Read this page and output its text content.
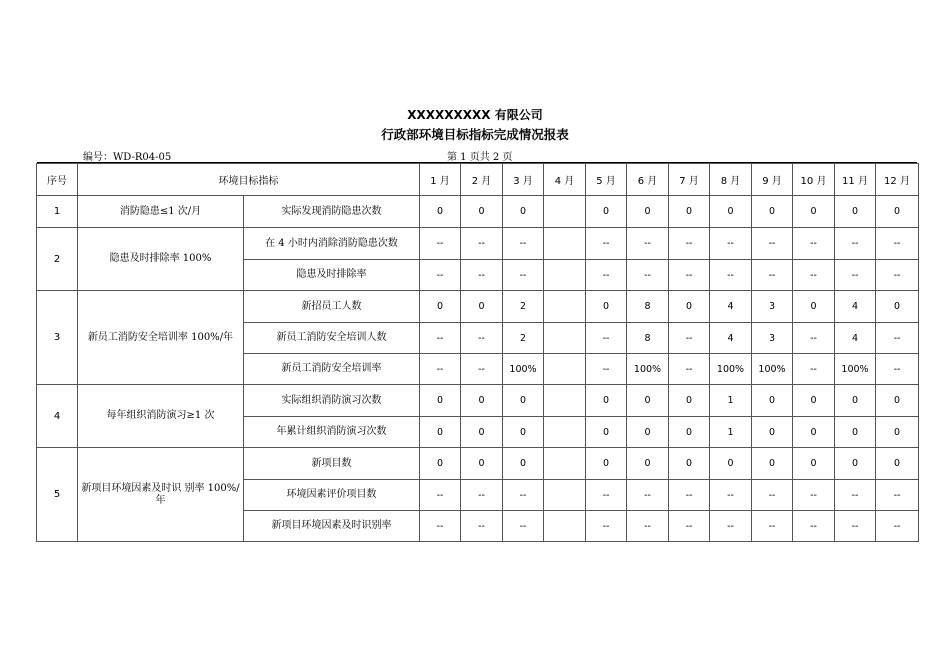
XXXXXXXXX 有限公司
行政部环境目标指标完成情况报表
编号：WD-R04-05	第 1 页共 2 页
序号	环境目标指标		1 月	2 月	3 月	4 月	5 月	6 月	7 月	8 月	9 月	10 月	11 月	12 月
1	消防隐患≤1 次/月	实际发现消防隐患次数	0	0	0		0	0	0	0	0	0	0	0
2	隐患及时排除率 100%	在 4 小时内消除消防隐患次数	--	--	--		--	--	--	--	--	--	--	--
		隐患及时排除率	--	--	--		--	--	--	--	--	--	--	--
3	新员工消防安全培训率 100%/年	新招员工人数	0	0	2		0	8	0	4	3	0	4	0
		新员工消防安全培训人数	--	--	2		--	8	--	4	3	--	4	--
		新员工消防安全培训率	--	--	100%		--	100%	--	100%	100%	--	100%	--
4	每年组织消防演习≥1 次	实际组织消防演习次数	0	0	0		0	0	0	1	0	0	0	0
		年累计组织消防演习次数	0	0	0		0	0	0	1	0	0	0	0
5	新项目环境因素及时识 别率 100%/ 年	新项目数	0	0	0		0	0	0	0	0	0	0	0
		环境因素评价项目数	--	--	--		--	--	--	--	--	--	--	--
		新项目环境因素及时识别率	--	--	--		--	--	--	--	--	--	--	--
